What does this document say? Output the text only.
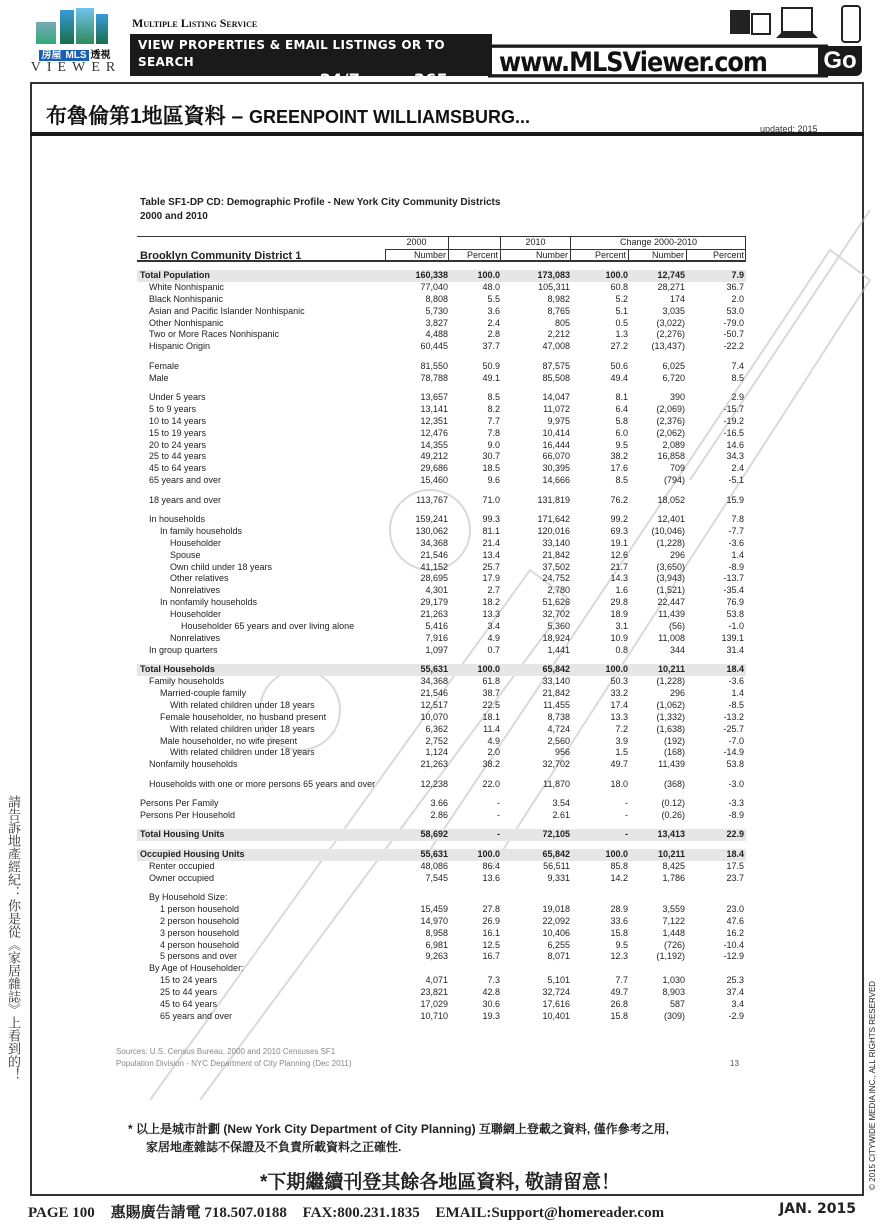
房屋 MLS 透視
VIEWER
Multiple Listing Service
VIEW PROPERTIES & EMAIL LISTINGS OR TO SEARCH
ANY SERVICE PROVIDERS 24/7 A DAY, 365 DAYS
www.MLSViewer.com	Go
布魯倫第1地區資料 – GREENPOINT WILLIAMSBURG...
updated: 2015
Table SF1-DP CD: Demographic Profile - New York City Community Districts
2000 and 2010
2000	2010	Change 2000-2010
Brooklyn Community District 1	Number	Percent	Number	Percent	Number	Percent
Total Population	160,338	100.0	173,083	100.0	12,745	7.9
White Nonhispanic	77,040	48.0	105,311	60.8	28,271	36.7
Black Nonhispanic	8,808	5.5	8,982	5.2	174	2.0
Asian and Pacific Islander Nonhispanic	5,730	3.6	8,765	5.1	3,035	53.0
Other Nonhispanic	3,827	2.4	805	0.5	(3,022)	-79.0
Two or More Races Nonhispanic	4,488	2.8	2,212	1.3	(2,276)	-50.7
Hispanic Origin	60,445	37.7	47,008	27.2	(13,437)	-22.2
Female	81,550	50.9	87,575	50.6	6,025	7.4
Male	78,788	49.1	85,508	49.4	6,720	8.5
Under 5 years	13,657	8.5	14,047	8.1	390	2.9
5 to 9 years	13,141	8.2	11,072	6.4	(2,069)	-15.7
10 to 14 years	12,351	7.7	9,975	5.8	(2,376)	-19.2
15 to 19 years	12,476	7.8	10,414	6.0	(2,062)	-16.5
20 to 24 years	14,355	9.0	16,444	9.5	2,089	14.6
25 to 44 years	49,212	30.7	66,070	38.2	16,858	34.3
45 to 64 years	29,686	18.5	30,395	17.6	709	2.4
65 years and over	15,460	9.6	14,666	8.5	(794)	-5.1
18 years and over	113,767	71.0	131,819	76.2	18,052	15.9
In households	159,241	99.3	171,642	99.2	12,401	7.8
In family households	130,062	81.1	120,016	69.3	(10,046)	-7.7
Householder	34,368	21.4	33,140	19.1	(1,228)	-3.6
Spouse	21,546	13.4	21,842	12.6	296	1.4
Own child under 18 years	41,152	25.7	37,502	21.7	(3,650)	-8.9
Other relatives	28,695	17.9	24,752	14.3	(3,943)	-13.7
Nonrelatives	4,301	2.7	2,780	1.6	(1,521)	-35.4
In nonfamily households	29,179	18.2	51,626	29.8	22,447	76.9
Householder	21,263	13.3	32,702	18.9	11,439	53.8
Householder 65 years and over living alone	5,416	3.4	5,360	3.1	(56)	-1.0
Nonrelatives	7,916	4.9	18,924	10.9	11,008	139.1
In group quarters	1,097	0.7	1,441	0.8	344	31.4
Total Households	55,631	100.0	65,842	100.0	10,211	18.4
Family households	34,368	61.8	33,140	50.3	(1,228)	-3.6
Married-couple family	21,546	38.7	21,842	33.2	296	1.4
With related children under 18 years	12,517	22.5	11,455	17.4	(1,062)	-8.5
Female householder, no husband present	10,070	18.1	8,738	13.3	(1,332)	-13.2
With related children under 18 years	6,362	11.4	4,724	7.2	(1,638)	-25.7
Male householder, no wife present	2,752	4.9	2,560	3.9	(192)	-7.0
With related children under 18 years	1,124	2.0	956	1.5	(168)	-14.9
Nonfamily households	21,263	38.2	32,702	49.7	11,439	53.8
Households with one or more persons 65 years and over	12,238	22.0	11,870	18.0	(368)	-3.0
Persons Per Family	3.66	-	3.54	-	(0.12)	-3.3
Persons Per Household	2.86	-	2.61	-	(0.26)	-8.9
Total Housing Units	58,692	-	72,105	-	13,413	22.9
Occupied Housing Units	55,631	100.0	65,842	100.0	10,211	18.4
Renter occupied	48,086	86.4	56,511	85.8	8,425	17.5
Owner occupied	7,545	13.6	9,331	14.2	1,786	23.7
By Household Size:
1 person household	15,459	27.8	19,018	28.9	3,559	23.0
2 person household	14,970	26.9	22,092	33.6	7,122	47.6
3 person household	8,958	16.1	10,406	15.8	1,448	16.2
4 person household	6,981	12.5	6,255	9.5	(726)	-10.4
5 persons and over	9,263	16.7	8,071	12.3	(1,192)	-12.9
By Age of Householder:
15 to 24 years	4,071	7.3	5,101	7.7	1,030	25.3
25 to 44 years	23,821	42.8	32,724	49.7	8,903	37.4
45 to 64 years	17,029	30.6	17,616	26.8	587	3.4
65 years and over	10,710	19.3	10,401	15.8	(309)	-2.9
Sources: U.S. Census Bureau, 2000 and 2010 Censuses SF1
Population Division - NYC Department of City Planning (Dec 2011)	13
* 以上是城市計劃 (New York City Department of City Planning) 互聯網上登載之資料, 僅作參考之用,
家居地產雜誌不保證及不負責所載資料之正確性.
*下期繼續刊登其餘各地區資料, 敬請留意！
請告訴地產經紀：你是從《家居雜誌》上看到的！
© 2015 CITYWIDE MEDIA INC., ALL RIGHTS RESERVED
PAGE 100 惠賜廣告請電 718.507.0188 FAX:800.231.1835 EMAIL:Support@homereader.com	JAN. 2015
